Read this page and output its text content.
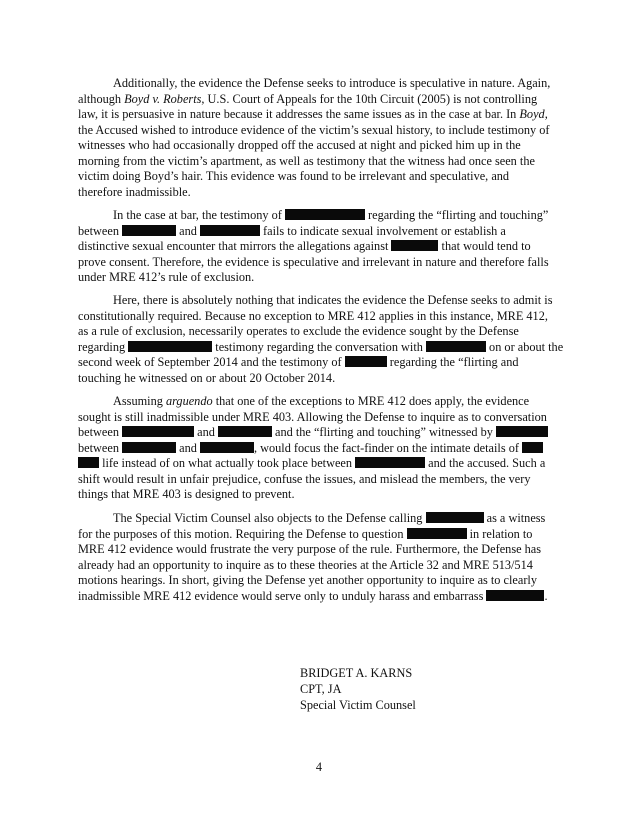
Additionally, the evidence the Defense seeks to introduce is speculative in nature. Again,
although Boyd v. Roberts, U.S. Court of Appeals for the 10th Circuit (2005) is not controlling
law, it is persuasive in nature because it addresses the same issues as in the case at bar. In Boyd,
the Accused wished to introduce evidence of the victim’s sexual history, to include testimony of
witnesses who had occasionally dropped off the accused at night and picked him up in the
morning from the victim’s apartment, as well as testimony that the witness had once seen the
victim doing Boyd’s hair. This evidence was found to be irrelevant and speculative, and
therefore inadmissible.
In the case at bar, the testimony of	regarding the “flirting and touching”
between	and	fails to indicate sexual involvement or establish a
distinctive sexual encounter that mirrors the allegations against	that would tend to
prove consent. Therefore, the evidence is speculative and irrelevant in nature and therefore falls
under MRE 412’s rule of exclusion.
Here, there is absolutely nothing that indicates the evidence the Defense seeks to admit is
constitutionally required. Because no exception to MRE 412 applies in this instance, MRE 412,
as a rule of exclusion, necessarily operates to exclude the evidence sought by the Defense
regarding	testimony regarding the conversation with	on or about the
second week of September 2014 and the testimony of	regarding the “flirting and
touching he witnessed on or about 20 October 2014.
Assuming arguendo that one of the exceptions to MRE 412 does apply, the evidence
sought is still inadmissible under MRE 403. Allowing the Defense to inquire as to conversation
between	and	and the “flirting and touching” witnessed by
between	and	, would focus the fact-finder on the intimate details of
life instead of on what actually took place between	and the accused. Such a
shift would result in unfair prejudice, confuse the issues, and mislead the members, the very
things that MRE 403 is designed to prevent.
The Special Victim Counsel also objects to the Defense calling	as a witness
for the purposes of this motion. Requiring the Defense to question	in relation to
MRE 412 evidence would frustrate the very purpose of the rule. Furthermore, the Defense has
already had an opportunity to inquire as to these theories at the Article 32 and MRE 513/514
motions hearings. In short, giving the Defense yet another opportunity to inquire as to clearly
inadmissible MRE 412 evidence would serve only to unduly harass and embarrass	.
BRIDGET A. KARNS
CPT, JA
Special Victim Counsel
4
